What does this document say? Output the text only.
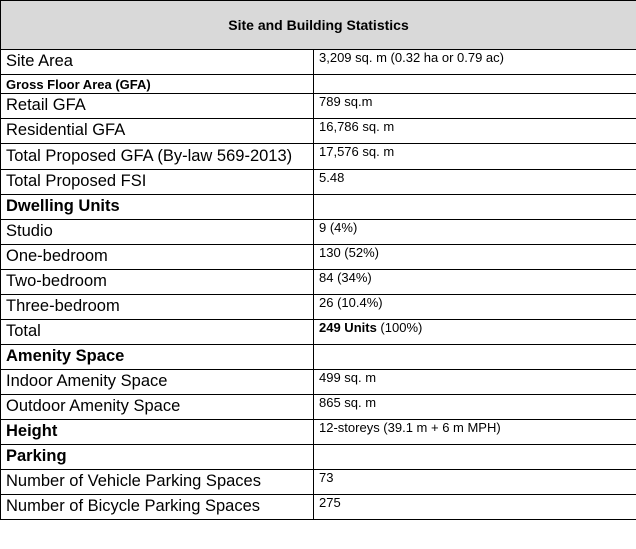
Site and Building Statistics	
Site Area	3,209 sq. m (0.32 ha or 0.79 ac)
Gross Floor Area (GFA)	
Retail GFA	789 sq.m
Residential GFA	16,786 sq. m
Total Proposed GFA (By-law 569-2013)	17,576 sq. m
Total Proposed FSI	5.48
Dwelling Units	
Studio	9 (4%)
One-bedroom	130 (52%)
Two-bedroom	84 (34%)
Three-bedroom	26 (10.4%)
Total	249 Units (100%)
Amenity Space	
Indoor Amenity Space	499 sq. m
Outdoor Amenity Space	865 sq. m
Height	12-storeys (39.1 m + 6 m MPH)
Parking	
Number of Vehicle Parking Spaces	73
Number of Bicycle Parking Spaces	275
